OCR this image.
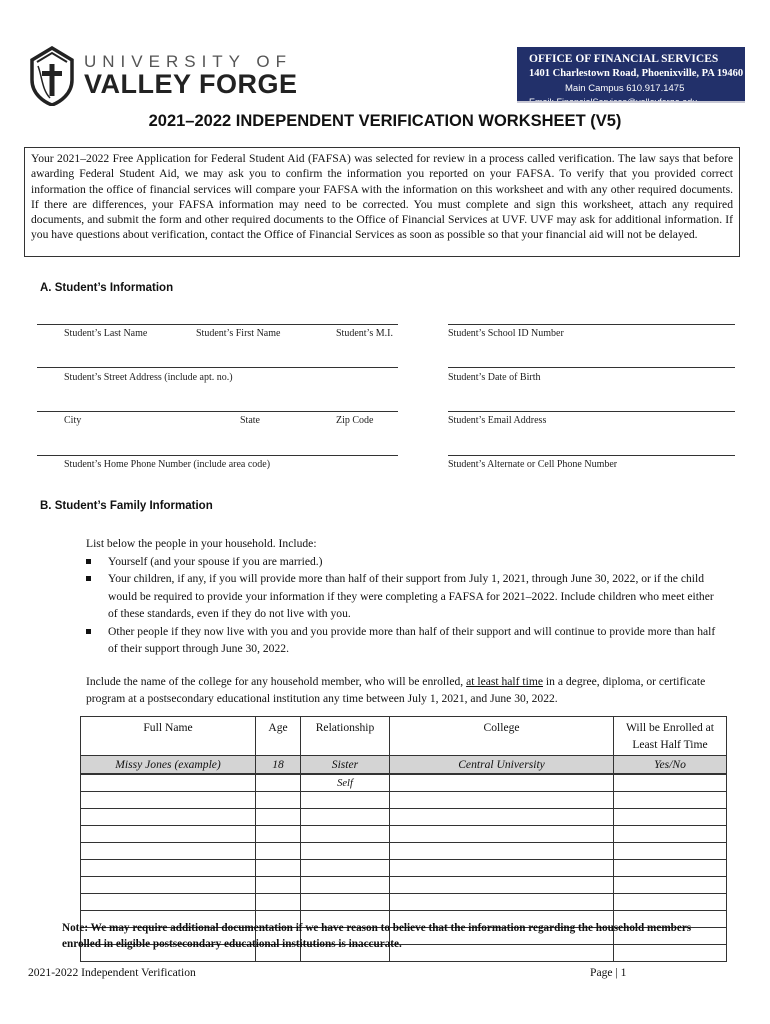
UNIVERSITY OF
VALLEY FORGE
OFFICE OF FINANCIAL SERVICES
1401 Charlestown Road, Phoenixville, PA 19460
Main Campus 610.917.1475
2021–2022 INDEPENDENT VERIFICATION WORKSHEET (V5)
Your 2021–2022 Free Application for Federal Student Aid (FAFSA) was selected for review in a process called verification. The law says that before awarding Federal Student Aid, we may ask you to confirm the information you reported on your FAFSA. To verify that you provided correct information the office of financial services will compare your FAFSA with the information on this worksheet and with any other required documents. If there are differences, your FAFSA information may need to be corrected. You must complete and sign this worksheet, attach any required documents, and submit the form and other required documents to the Office of Financial Services at UVF. UVF may ask for additional information. If you have questions about verification, contact the Office of Financial Services as soon as possible so that your financial aid will not be delayed.
A. Student’s Information
Student’s Last Name	Student’s First Name	Student’s M.I.	Student’s School ID Number
Student’s Street Address (include apt. no.)	Student’s Date of Birth
City	State	Zip Code	Student’s Email Address
Student’s Home Phone Number (include area code)	Student’s Alternate or Cell Phone Number
B. Student’s Family Information
List below the people in your household. Include:
Yourself (and your spouse if you are married.)
Your children, if any, if you will provide more than half of their support from July 1, 2021, through June 30, 2022, or if the child would be required to provide your information if they were completing a FAFSA for 2021–2022. Include children who meet either of these standards, even if they do not live with you.
Other people if they now live with you and you provide more than half of their support and will continue to provide more than half of their support through June 30, 2022.
Include the name of the college for any household member, who will be enrolled, at least half time in a degree, diploma, or certificate program at a postsecondary educational institution any time between July 1, 2021, and June 30, 2022.
Full Name	Age	Relationship	College	Will be Enrolled at Least Half Time
Missy Jones (example)	18	Sister	Central University	Yes/No
		Self		

Note: We may require additional documentation if we have reason to believe that the information regarding the household members enrolled in eligible postsecondary educational institutions is inaccurate.
2021-2022 Independent Verification	Page | 1
